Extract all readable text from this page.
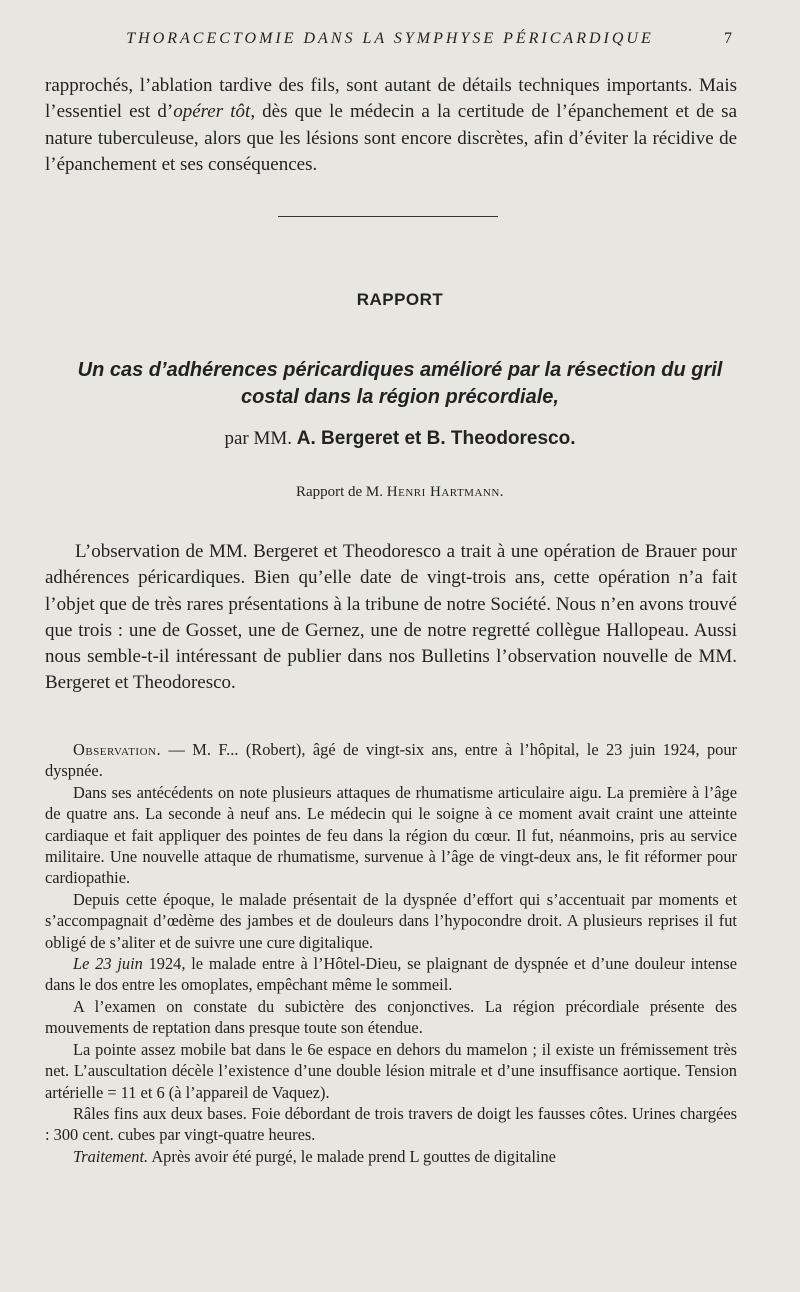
THORACECTOMIE DANS LA SYMPHYSE PÉRICARDIQUE	7

rapprochés, l’ablation tardive des fils, sont autant de détails techniques importants. Mais l’essentiel est d’opérer tôt, dès que le médecin a la certitude de l’épanchement et de sa nature tuberculeuse, alors que les lésions sont encore discrètes, afin d’éviter la récidive de l’épanchement et ses conséquences.

RAPPORT
Un cas d’adhérences péricardiques amélioré par la résection du gril costal dans la région précordiale,
par MM. A. Bergeret et B. Theodoresco.
Rapport de M. Henri Hartmann.

L’observation de MM. Bergeret et Theodoresco a trait à une opération de Brauer pour adhérences péricardiques. Bien qu’elle date de vingt-trois ans, cette opération n’a fait l’objet que de très rares présentations à la tribune de notre Société. Nous n’en avons trouvé que trois : une de Gosset, une de Gernez, une de notre regretté collègue Hallopeau. Aussi nous semble-t-il intéressant de publier dans nos Bulletins l’observation nouvelle de MM. Bergeret et Theodoresco.

Observation. — M. F... (Robert), âgé de vingt-six ans, entre à l’hôpital, le 23 juin 1924, pour dyspnée.

Dans ses antécédents on note plusieurs attaques de rhumatisme articulaire aigu. La première à l’âge de quatre ans. La seconde à neuf ans. Le médecin qui le soigne à ce moment avait craint une atteinte cardiaque et fait appliquer des pointes de feu dans la région du cœur. Il fut, néanmoins, pris au service militaire. Une nouvelle attaque de rhumatisme, survenue à l’âge de vingt-deux ans, le fit réformer pour cardiopathie.

Depuis cette époque, le malade présentait de la dyspnée d’effort qui s’accentuait par moments et s’accompagnait d’œdème des jambes et de douleurs dans l’hypocondre droit. A plusieurs reprises il fut obligé de s’aliter et de suivre une cure digitalique.

Le 23 juin 1924, le malade entre à l’Hôtel-Dieu, se plaignant de dyspnée et d’une douleur intense dans le dos entre les omoplates, empêchant même le sommeil.

A l’examen on constate du subictère des conjonctives. La région précordiale présente des mouvements de reptation dans presque toute son étendue.

La pointe assez mobile bat dans le 6e espace en dehors du mamelon ; il existe un frémissement très net. L’auscultation décèle l’existence d’une double lésion mitrale et d’une insuffisance aortique. Tension artérielle = 11 et 6 (à l’appareil de Vaquez).

Râles fins aux deux bases. Foie débordant de trois travers de doigt les fausses côtes. Urines chargées : 300 cent. cubes par vingt-quatre heures.

Traitement. Après avoir été purgé, le malade prend L gouttes de digitaline
